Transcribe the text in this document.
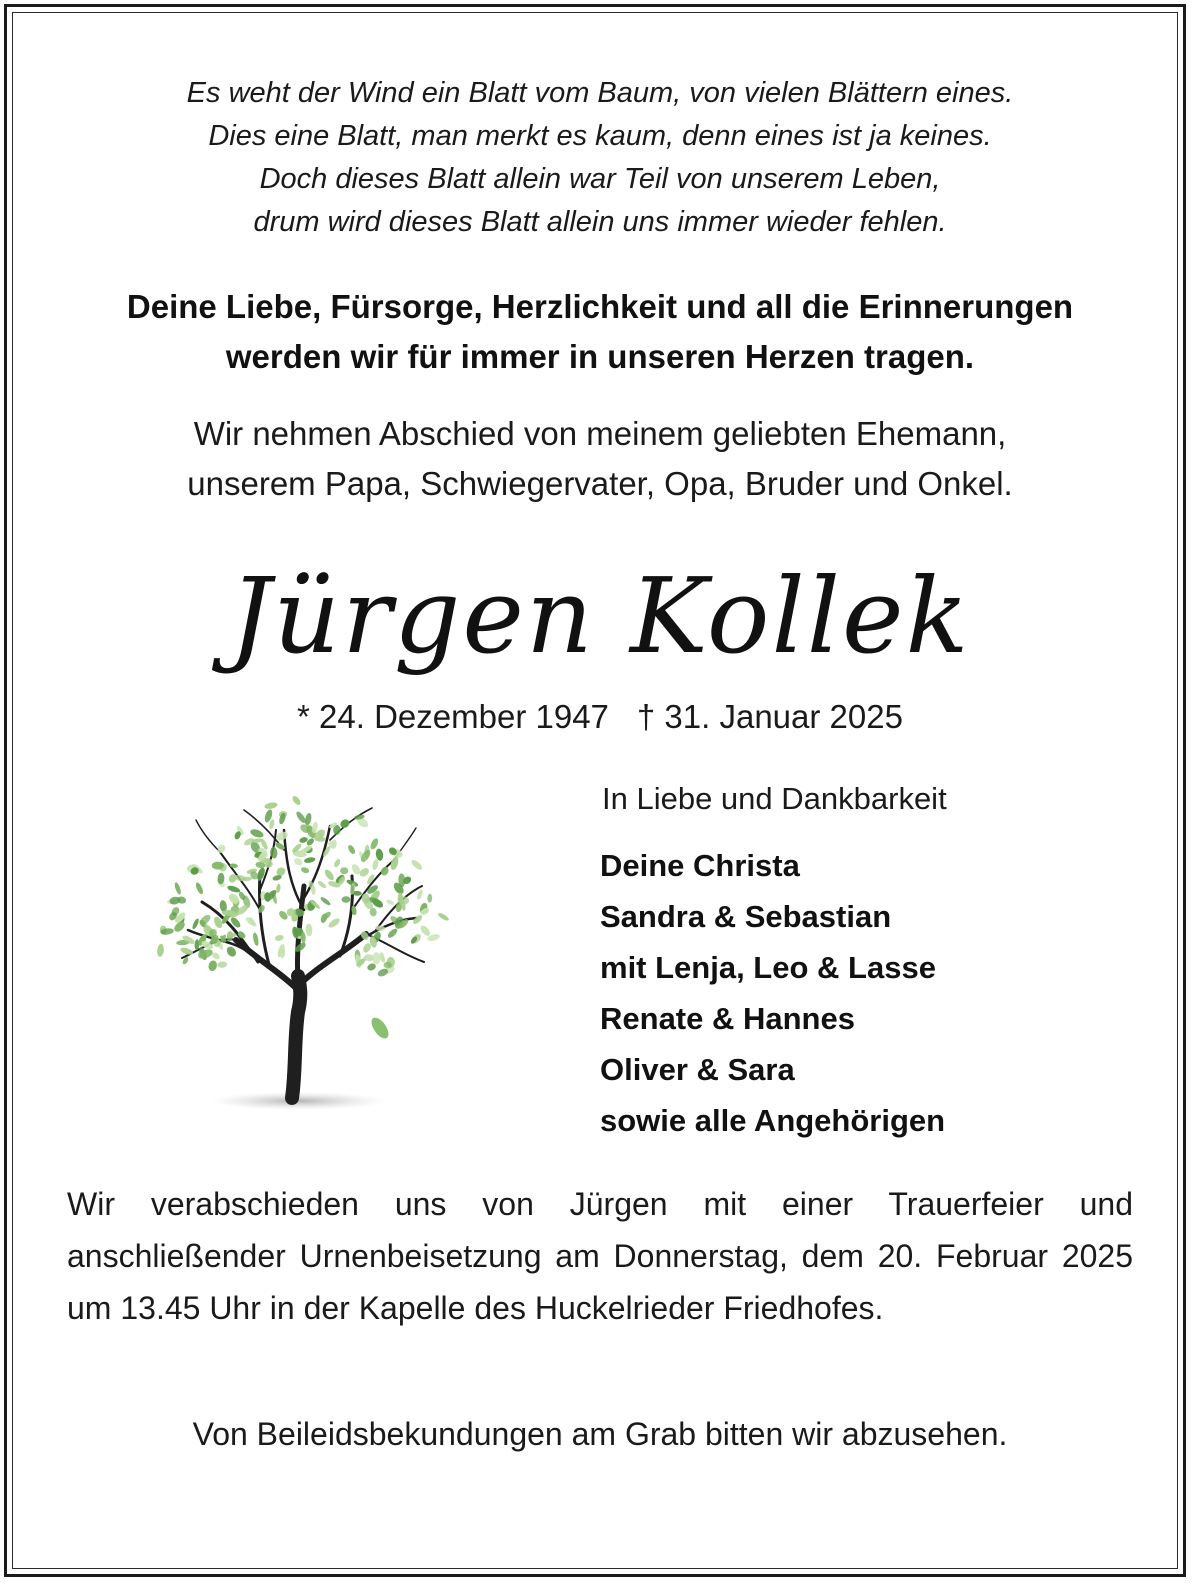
Es weht der Wind ein Blatt vom Baum, von vielen Blättern eines.
Dies eine Blatt, man merkt es kaum, denn eines ist ja keines.
Doch dieses Blatt allein war Teil von unserem Leben,
drum wird dieses Blatt allein uns immer wieder fehlen.
Deine Liebe, Fürsorge, Herzlichkeit und all die Erinnerungen
werden wir für immer in unseren Herzen tragen.
Wir nehmen Abschied von meinem geliebten Ehemann,
unserem Papa, Schwiegervater, Opa, Bruder und Onkel.
Jürgen Kollek
* 24. Dezember 1947 † 31. Januar 2025
In Liebe und Dankbarkeit
Deine Christa
Sandra & Sebastian
mit Lenja, Leo & Lasse
Renate & Hannes
Oliver & Sara
sowie alle Angehörigen
Wir verabschieden uns von Jürgen mit einer Trauerfeier und anschließender Urnenbeisetzung am Donnerstag, dem 20. Februar 2025 um 13.45 Uhr in der Kapelle des Huckelrieder Friedhofes.
Von Beileidsbekundungen am Grab bitten wir abzusehen.
